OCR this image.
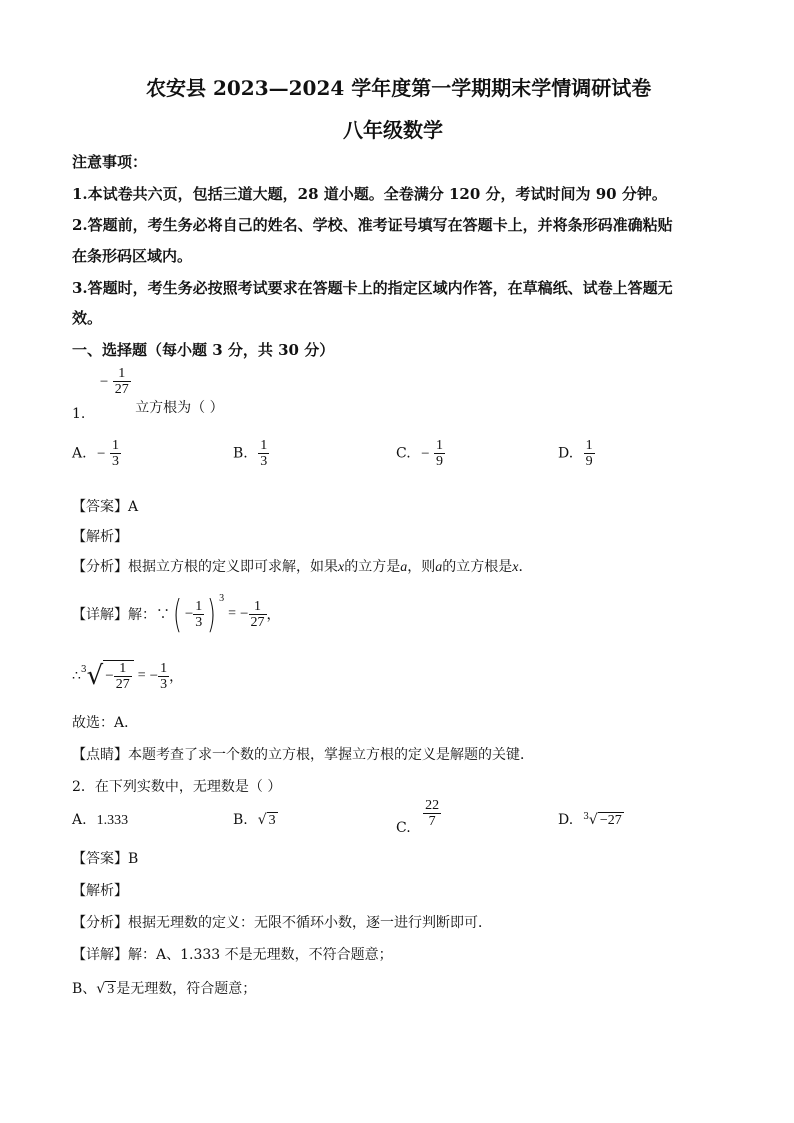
农安县 2023—2024 学年度第一学期期末学情调研试卷
八年级数学
注意事项：
1.本试卷共六页，包括三道大题，28 道小题。全卷满分 120 分，考试时间为 90 分钟。
2.答题前，考生务必将自己的姓名、学校、准考证号填写在答题卡上，并将条形码准确粘贴
在条形码区域内。
3.答题时，考生务必按照考试要求在答题卡上的指定区域内作答，在草稿纸、试卷上答题无
效。
一、选择题（每小题 3 分，共 30 分）
1. − $\frac{1}{27}$
立方根为（ ）
A. − $\frac{1}{3}$	B. $\frac{1}{3}$	C. − $\frac{1}{9}$	D. $\frac{1}{9}$
【答案】A
【解析】
【分析】根据立方根的定义即可求解，如果x的立方是a，则a的立方根是x．
【详解】 解：∵ ( − $\frac{1}{3}$ ) 3
= − $\frac{1}{27}$ ，
∴ 3 √ − $\frac{1}{27}$ = − $\frac{1}{3}$ ，
故选：A．
【点睛】本题考查了求一个数的立方根，掌握立方根的定义是解题的关键．
2．在下列实数中，无理数是（ ）
A. 1.333	B. √ 3	C. $\frac{22}{7}$	D. $^3$√ −27
【答案】B
【解析】
【分析】根据无理数的定义：无限不循环小数，逐一进行判断即可．
【详解】解：A、1.333 不是无理数，不符合题意；
B、√ 3 是无理数，符合题意；
